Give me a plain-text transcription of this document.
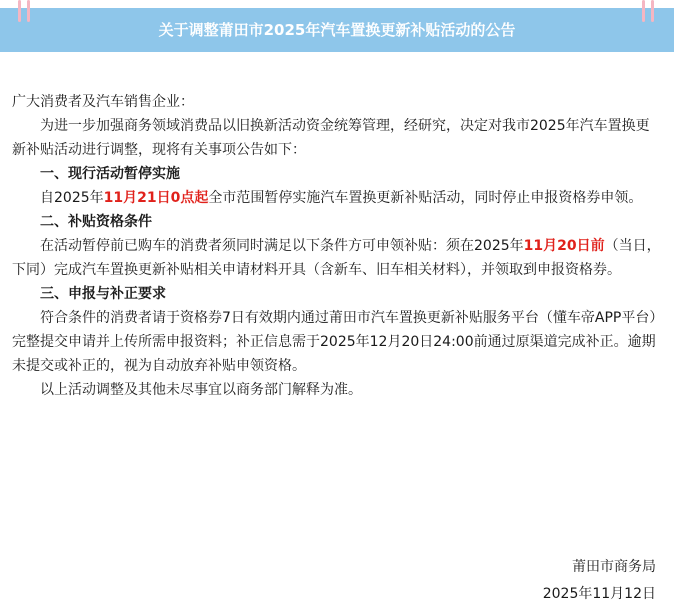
关于调整莆田市2025年汽车置换更新补贴活动的公告

广大消费者及汽车销售企业：

为进一步加强商务领域消费品以旧换新活动资金统筹管理，经研究，决定对我市2025年汽车置换更新补贴活动进行调整，现将有关事项公告如下：

一、现行活动暂停实施

自2025年11月21日0点起全市范围暂停实施汽车置换更新补贴活动，同时停止申报资格券申领。

二、补贴资格条件

在活动暂停前已购车的消费者须同时满足以下条件方可申领补贴：须在2025年11月20日前（当日，下同）完成汽车置换更新补贴相关申请材料开具（含新车、旧车相关材料），并领取到申报资格券。

三、申报与补正要求

符合条件的消费者请于资格券7日有效期内通过莆田市汽车置换更新补贴服务平台（懂车帝APP平台）完整提交申请并上传所需申报资料；补正信息需于2025年12月20日24:00前通过原渠道完成补正。逾期未提交或补正的，视为自动放弃补贴申领资格。

以上活动调整及其他未尽事宜以商务部门解释为准。

莆田市商务局
2025年11月12日
